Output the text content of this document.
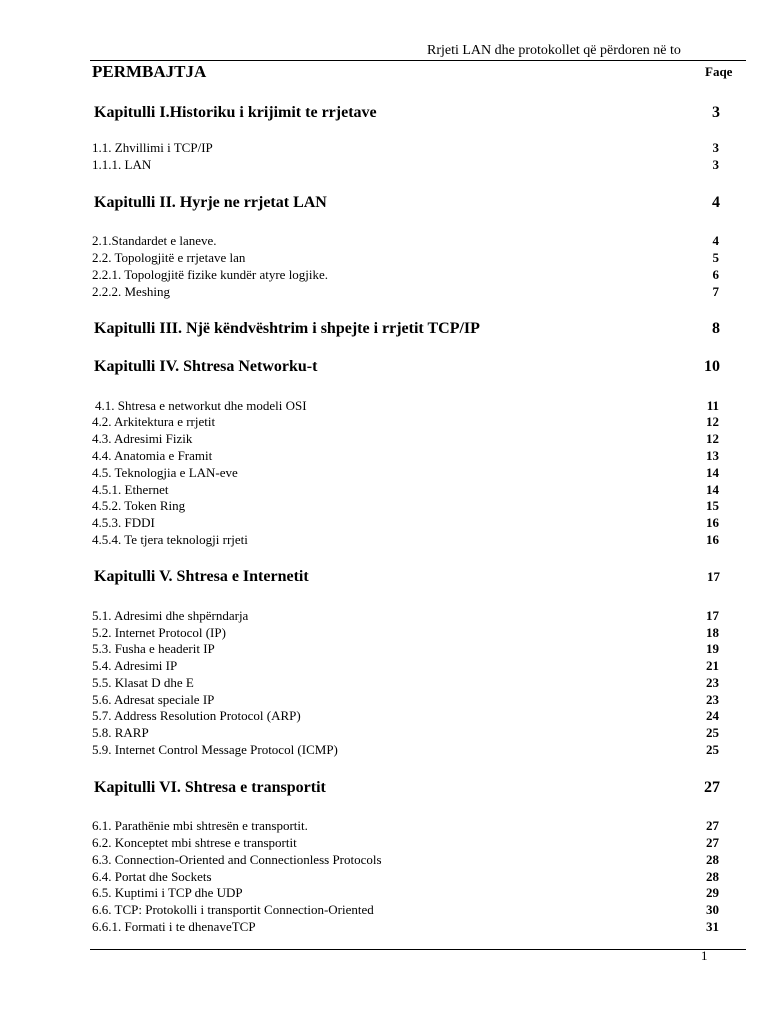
Rrjeti LAN dhe protokollet që përdoren në to
PERMBAJTJA	Faqe
Kapitulli I.Historiku i krijimit te rrjetave	3
1.1. Zhvillimi i TCP/IP	3
1.1.1. LAN	3
Kapitulli II. Hyrje ne rrjetat LAN	4
2.1.Standardet e laneve.	4
2.2. Topologjitë e rrjetave lan	5
2.2.1. Topologjitë fizike kundër atyre logjike.	6
2.2.2. Meshing	7
Kapitulli III. Një këndvështrim i shpejte i rrjetit TCP/IP	8
Kapitulli IV. Shtresa Networku-t	10
4.1. Shtresa e networkut dhe modeli OSI	11
4.2. Arkitektura e rrjetit	12
4.3. Adresimi Fizik	12
4.4. Anatomia e Framit	13
4.5. Teknologjia e LAN-eve	14
4.5.1. Ethernet	14
4.5.2. Token Ring	15
4.5.3. FDDI	16
4.5.4. Te tjera teknologji rrjeti	16
Kapitulli V. Shtresa e Internetit	17
5.1. Adresimi dhe shpërndarja	17
5.2. Internet Protocol (IP)	18
5.3. Fusha e headerit IP	19
5.4. Adresimi IP	21
5.5. Klasat D dhe E	23
5.6. Adresat speciale IP	23
5.7. Address Resolution Protocol (ARP)	24
5.8. RARP	25
5.9. Internet Control Message Protocol (ICMP)	25
Kapitulli VI. Shtresa e transportit	27
6.1. Parathënie mbi shtresën e transportit.	27
6.2. Konceptet mbi shtrese e transportit	27
6.3. Connection-Oriented and Connectionless Protocols	28
6.4. Portat dhe Sockets	28
6.5. Kuptimi i TCP dhe UDP	29
6.6. TCP: Protokolli i transportit Connection-Oriented	30
6.6.1. Formati i te dhenaveTCP	31
1
